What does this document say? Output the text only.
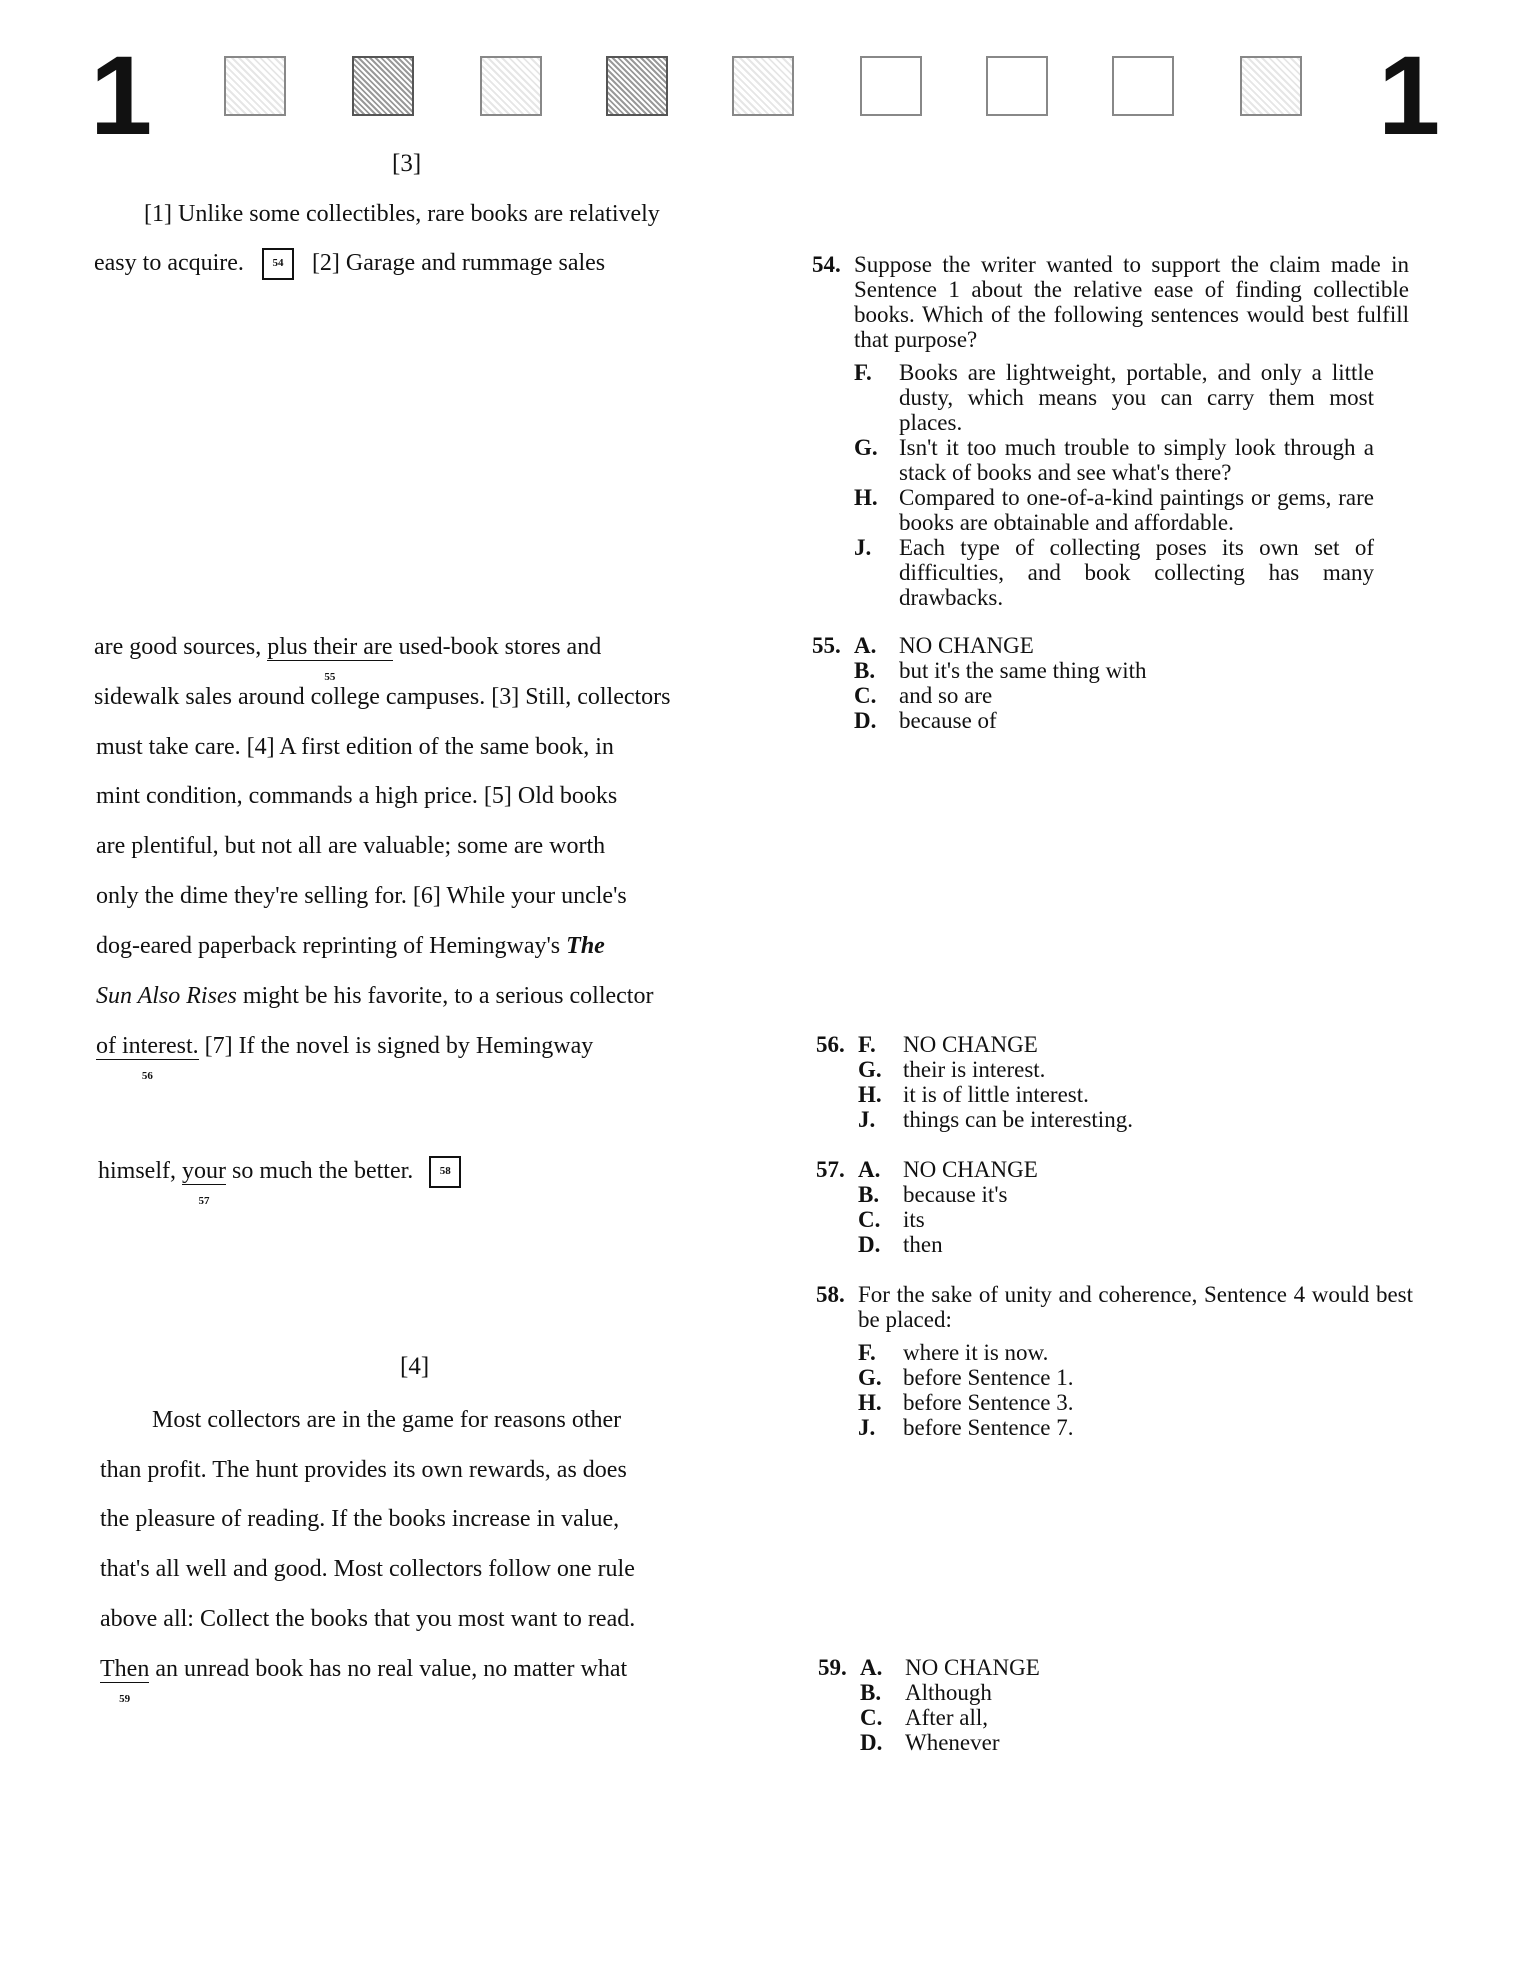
1	1
[3]
[1] Unlike some collectibles, rare books are relatively
easy to acquire.	54 [2] Garage and rummage sales
are good sources, plus their are
55
used-book stores and
sidewalk sales around college campuses. [3] Still, collectors
must take care. [4] A first edition of the same book, in
mint condition, commands a high price. [5] Old books
are plentiful, but not all are valuable; some are worth
only the dime they're selling for. [6] While your uncle's
dog-eared paperback reprinting of Hemingway's The
Sun Also Rises might be his favorite, to a serious collector
of interest.
56
[7] If the novel is signed by Hemingway
himself, your
57
so much the better. 58
[4]
Most collectors are in the game for reasons other
than profit. The hunt provides its own rewards, as does
the pleasure of reading. If the books increase in value,
that's all well and good. Most collectors follow one rule
above all: Collect the books that you most want to read.
Then
59
an unread book has no real value, no matter what
54. Suppose the writer wanted to support the claim made in Sentence 1 about the relative ease of finding collectible books. Which of the following sentences would best fulfill that purpose?
F. Books are lightweight, portable, and only a little dusty, which means you can carry them most places.
G. Isn't it too much trouble to simply look through a stack of books and see what's there?
H. Compared to one-of-a-kind paintings or gems, rare books are obtainable and affordable.
J. Each type of collecting poses its own set of difficulties, and book collecting has many drawbacks.
55. A. NO CHANGE
B. but it's the same thing with
C. and so are
D. because of
56. F. NO CHANGE
G. their is interest.
H. it is of little interest.
J. things can be interesting.
57. A. NO CHANGE
B. because it's
C. its
D. then
58. For the sake of unity and coherence, Sentence 4 would best be placed:
F. where it is now.
G. before Sentence 1.
H. before Sentence 3.
J. before Sentence 7.
59. A. NO CHANGE
B. Although
C. After all,
D. Whenever
